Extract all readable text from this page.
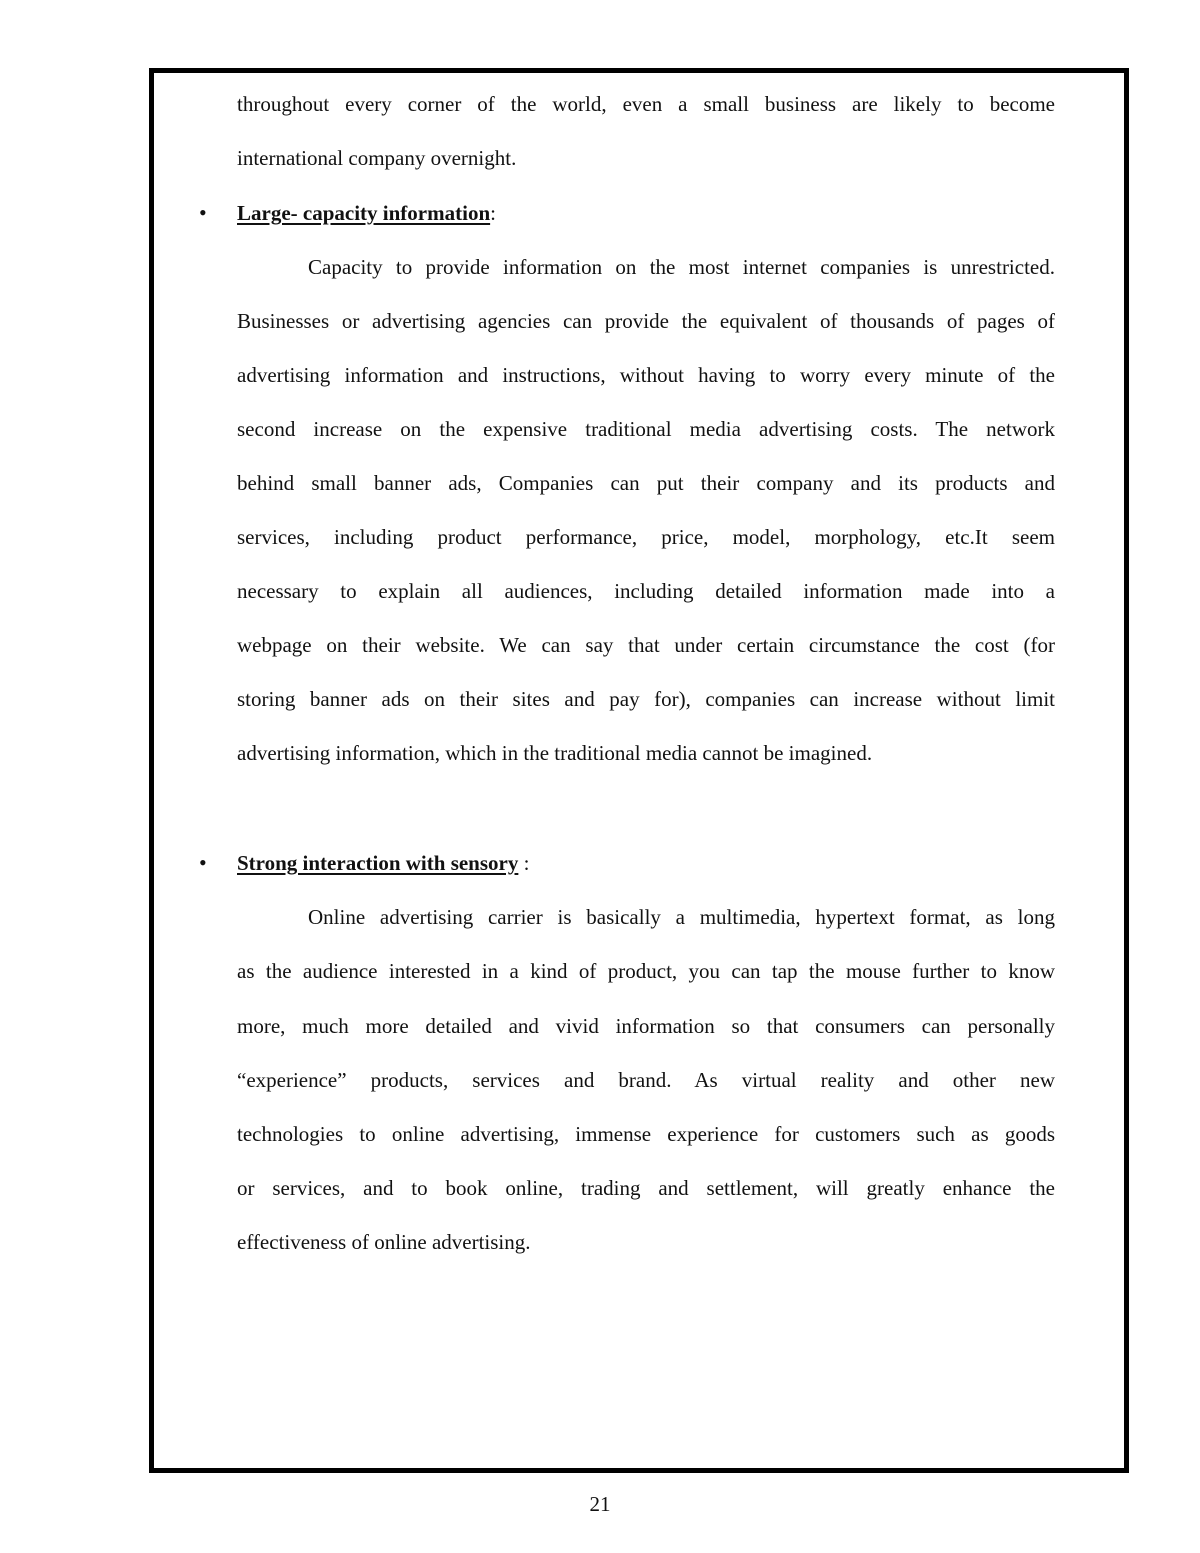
throughout every corner of the world, even a small business are likely to become
international company overnight.
• Large- capacity information:
Capacity to provide information on the most internet companies is unrestricted.
Businesses or advertising agencies can provide the equivalent of thousands of pages of
advertising information and instructions, without having to worry every minute of the
second increase on the expensive traditional media advertising costs. The network
behind small banner ads, Companies can put their company and its products and
services, including product performance, price, model, morphology, etc.It seem
necessary to explain all audiences, including detailed information made into a
webpage on their website. We can say that under certain circumstance the cost (for
storing banner ads on their sites and pay for), companies can increase without limit
advertising information, which in the traditional media cannot be imagined.
• Strong interaction with sensory :
Online advertising carrier is basically a multimedia, hypertext format, as long
as the audience interested in a kind of product, you can tap the mouse further to know
more, much more detailed and vivid information so that consumers can personally
“experience” products, services and brand. As virtual reality and other new
technologies to online advertising, immense experience for customers such as goods
or services, and to book online, trading and settlement, will greatly enhance the
effectiveness of online advertising.
21
